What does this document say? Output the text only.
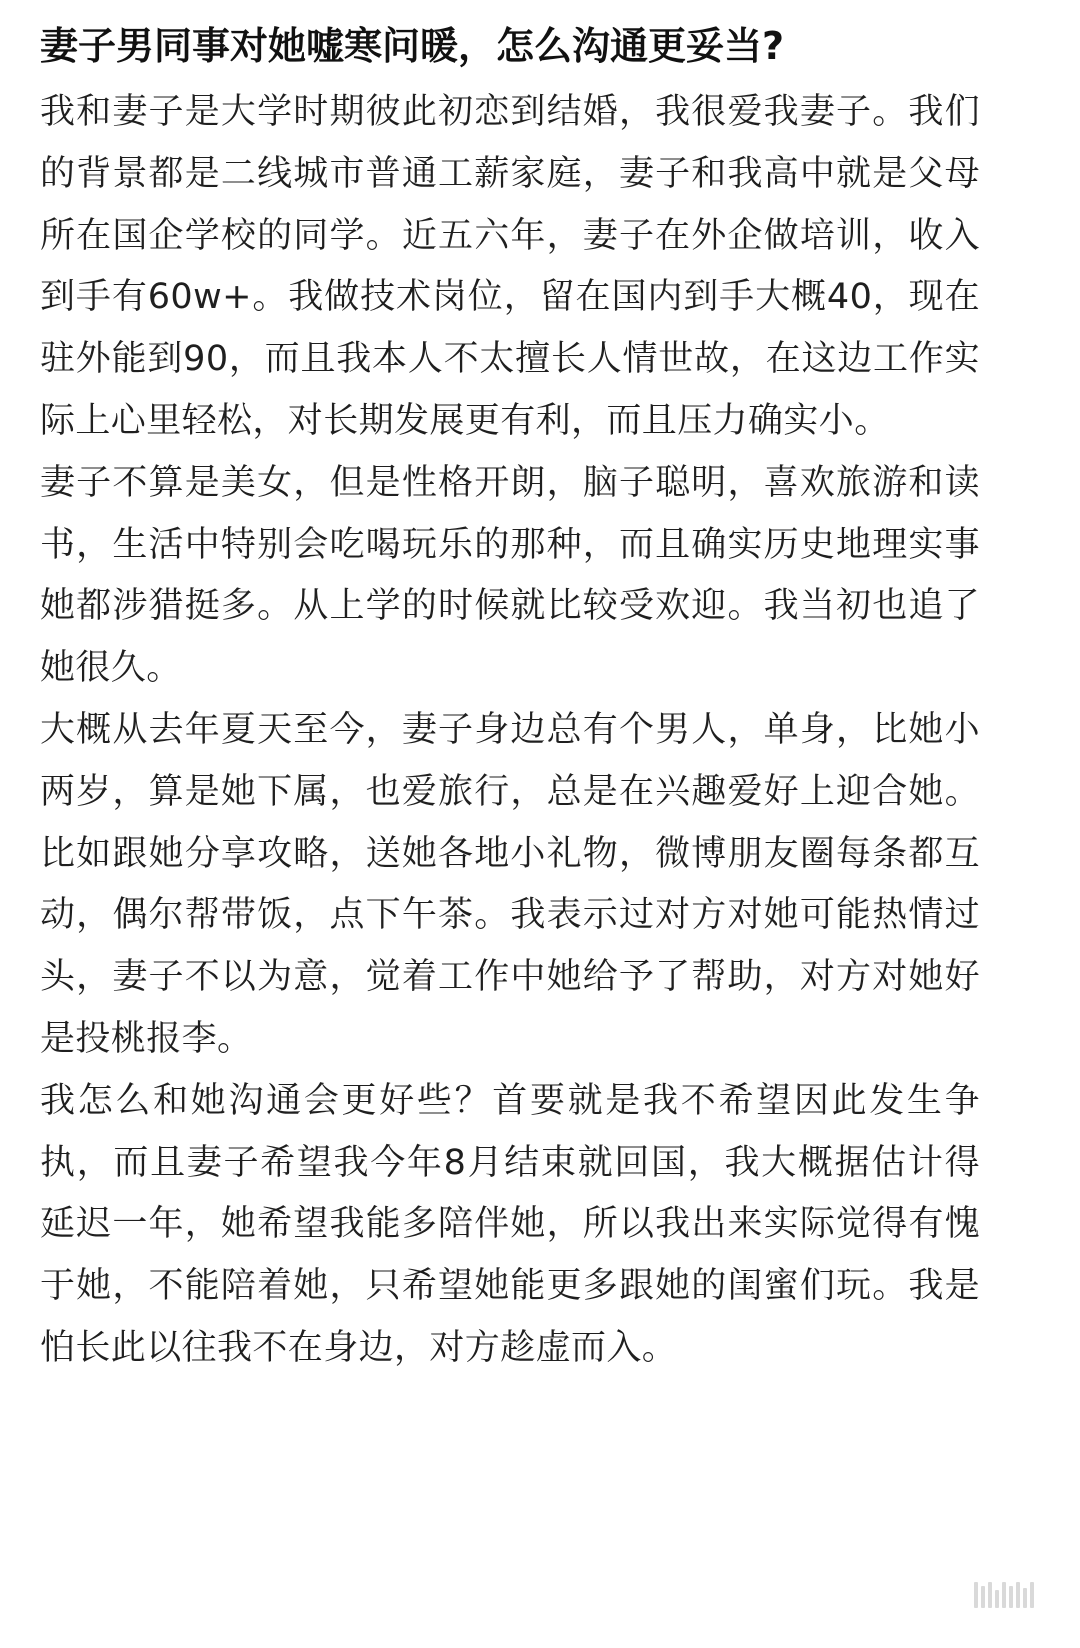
妻子男同事对她嘘寒问暖，怎么沟通更妥当?

我和妻子是大学时期彼此初恋到结婚，我很爱我妻子。我们的背景都是二线城市普通工薪家庭，妻子和我高中就是父母所在国企学校的同学。近五六年，妻子在外企做培训，收入到手有60w+。我做技术岗位，留在国内到手大概40，现在驻外能到90，而且我本人不太擅长人情世故，在这边工作实际上心里轻松，对长期发展更有利，而且压力确实小。

妻子不算是美女，但是性格开朗，脑子聪明，喜欢旅游和读书，生活中特别会吃喝玩乐的那种，而且确实历史地理实事她都涉猎挺多。从上学的时候就比较受欢迎。我当初也追了她很久。

大概从去年夏天至今，妻子身边总有个男人，单身，比她小两岁，算是她下属，也爱旅行，总是在兴趣爱好上迎合她。比如跟她分享攻略，送她各地小礼物，微博朋友圈每条都互动，偶尔帮带饭，点下午茶。我表示过对方对她可能热情过头，妻子不以为意，觉着工作中她给予了帮助，对方对她好是投桃报李。

我怎么和她沟通会更好些？首要就是我不希望因此发生争执，而且妻子希望我今年8月结束就回国，我大概据估计得延迟一年，她希望我能多陪伴她，所以我出来实际觉得有愧于她，不能陪着她，只希望她能更多跟她的闺蜜们玩。我是怕长此以往我不在身边，对方趁虚而入。
